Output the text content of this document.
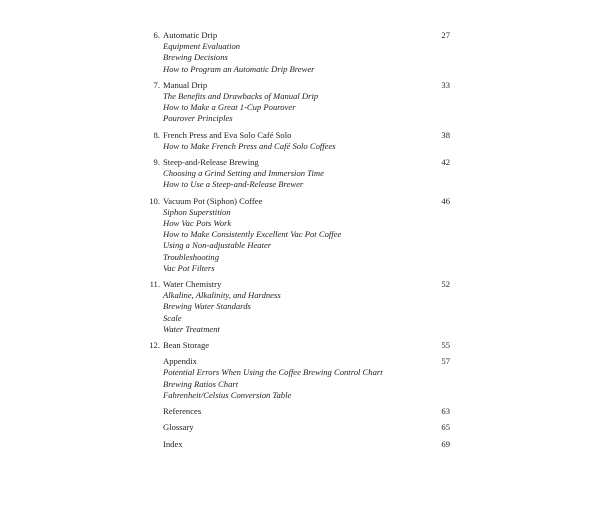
6. Automatic Drip	27
Equipment Evaluation
Brewing Decisions
How to Program an Automatic Drip Brewer
7. Manual Drip	33
The Benefits and Drawbacks of Manual Drip
How to Make a Great 1-Cup Pourover
Pourover Principles
8. French Press and Eva Solo Café Solo	38
How to Make French Press and Café Solo Coffees
9. Steep-and-Release Brewing	42
Choosing a Grind Setting and Immersion Time
How to Use a Steep-and-Release Brewer
10. Vacuum Pot (Siphon) Coffee	46
Siphon Superstition
How Vac Pots Work
How to Make Consistently Excellent Vac Pot Coffee
Using a Non-adjustable Heater
Troubleshooting
Vac Pot Filters
11. Water Chemistry	52
Alkaline, Alkalinity, and Hardness
Brewing Water Standards
Scale
Water Treatment
12. Bean Storage	55
Appendix	57
Potential Errors When Using the Coffee Brewing Control Chart
Brewing Ratios Chart
Fahrenheit/Celsius Conversion Table
References	63
Glossary	65
Index	69
